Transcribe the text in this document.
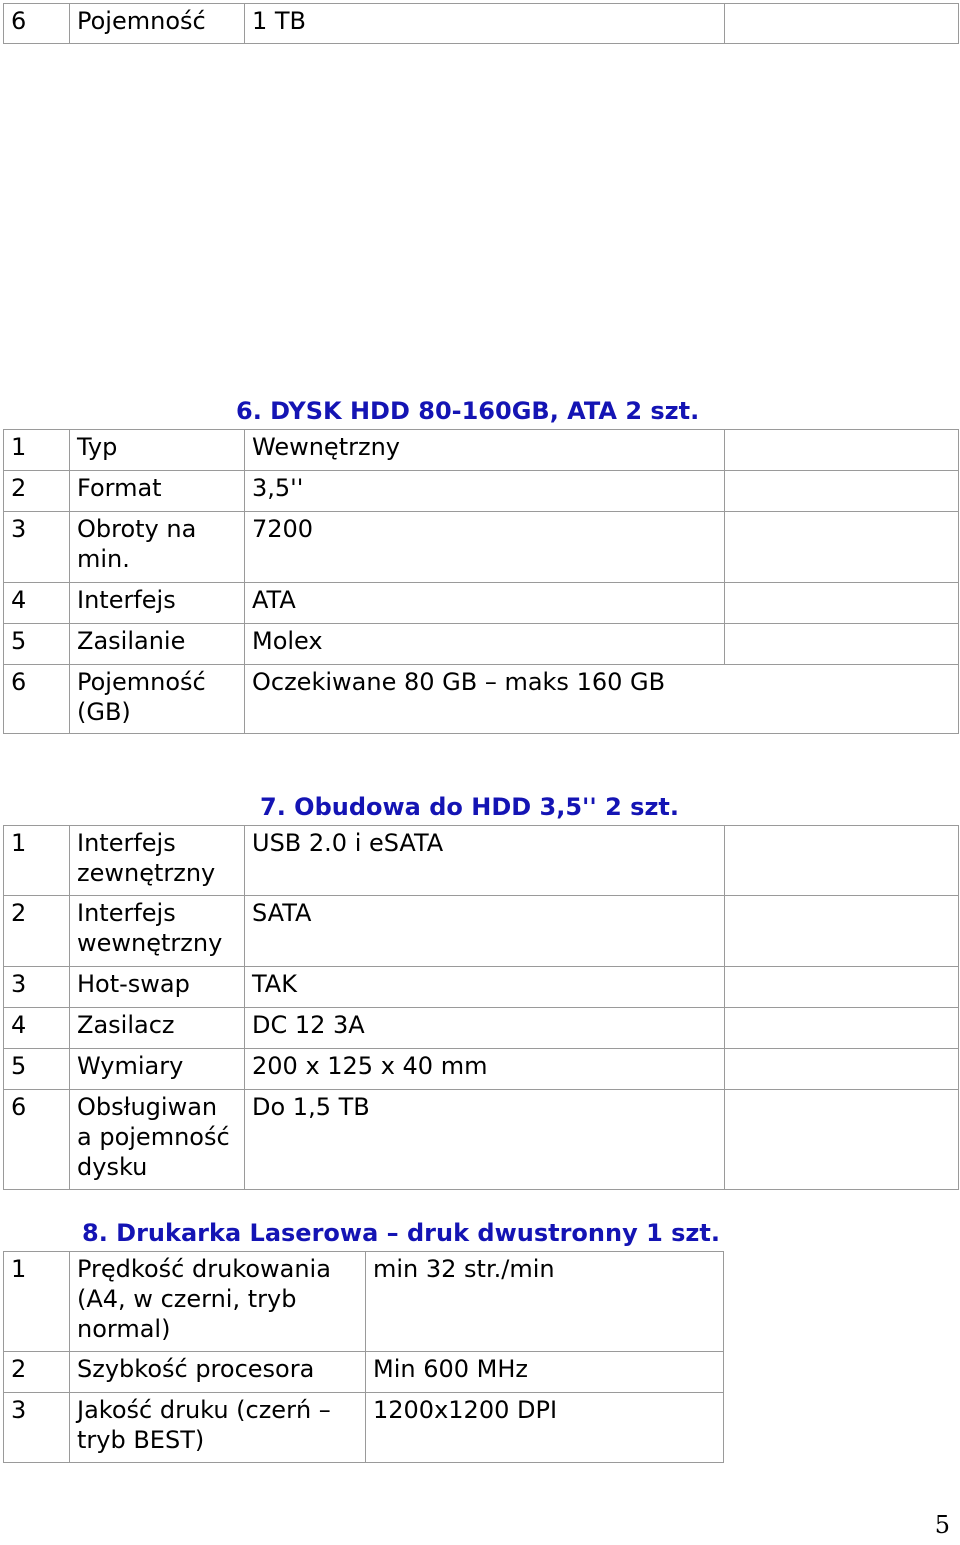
6	Pojemność	1 TB	
6. DYSK HDD 80-160GB, ATA 2 szt.
1	Typ	Wewnętrzny	
2	Format	3,5''	
3	Obroty na min.	7200	
4	Interfejs	ATA	
5	Zasilanie	Molex	
6	Pojemność (GB)	Oczekiwane 80 GB – maks 160 GB	
7. Obudowa do HDD 3,5'' 2 szt.
1	Interfejs zewnętrzny	USB 2.0 i eSATA	
2	Interfejs wewnętrzny	SATA	
3	Hot-swap	TAK	
4	Zasilacz	DC 12 3A	
5	Wymiary	200 x 125 x 40 mm	
6	Obsługiwan a pojemność dysku	Do 1,5 TB	
8. Drukarka Laserowa – druk dwustronny 1 szt.
1	Prędkość drukowania (A4, w czerni, tryb normal)	min 32 str./min
2	Szybkość procesora	Min 600 MHz
3	Jakość druku (czerń – tryb BEST)	1200x1200 DPI
5
